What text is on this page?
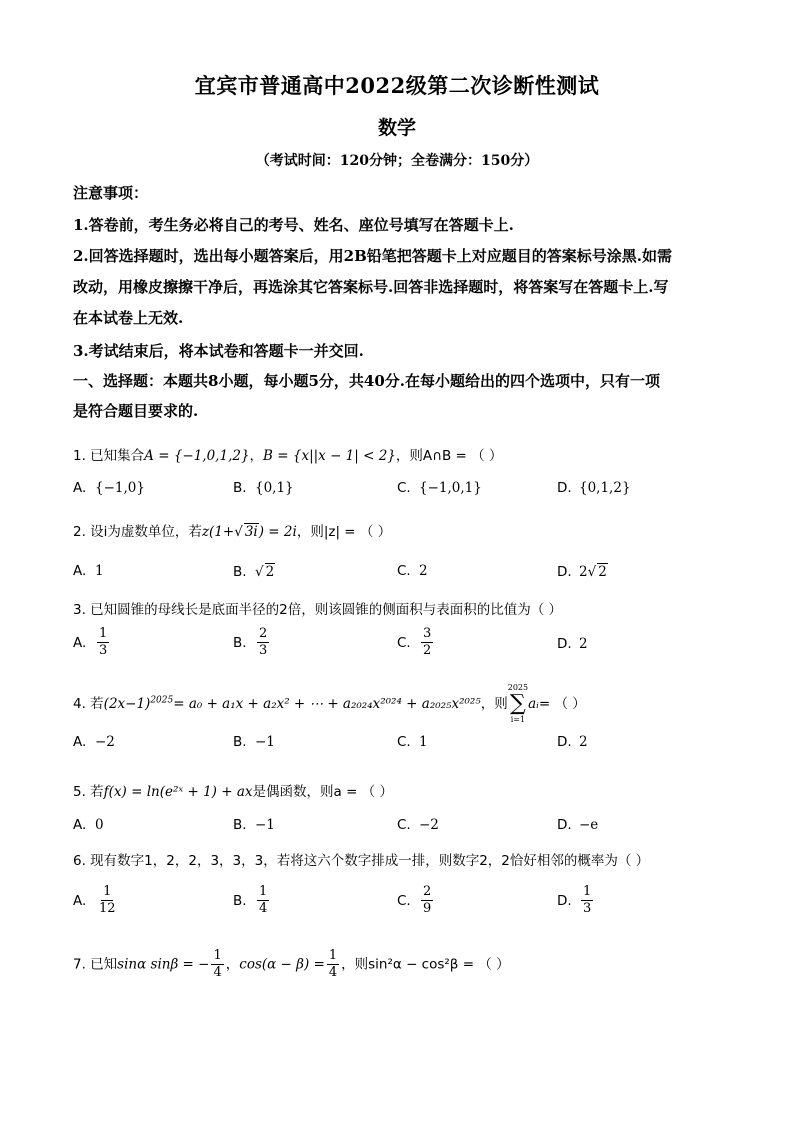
宜宾市普通高中2022级第二次诊断性测试
数学
（考试时间：120分钟；全卷满分：150分）
注意事项：
1.答卷前，考生务必将自己的考号、姓名、座位号填写在答题卡上.
2.回答选择题时，选出每小题答案后，用2B铅笔把答题卡上对应题目的答案标号涂黑.如需
改动，用橡皮擦擦干净后，再选涂其它答案标号.回答非选择题时，将答案写在答题卡上.写
在本试卷上无效.
3.考试结束后，将本试卷和答题卡一并交回.
一、选择题：本题共8小题，每小题5分，共40分.在每小题给出的四个选项中，只有一项
是符合题目要求的.
1. 已知集合A = {−1,0,1,2}，B = {x||x − 1| < 2}，则A∩B = （ ）
A. {−1,0}	B. {0,1}	C. {−1,0,1}	D. {0,1,2}
2. 设i为虚数单位，若z(1+√ 3i) = 2i，则|z| = （ ）
A. 1	B. √ 2	C. 2	D. 2√ 2
3. 已知圆锥的母线长是底面半径的2倍，则该圆锥的侧面积与表面积的比值为（ ）
A. $\frac{1}{3}$	B. $\frac{2}{3}$	C. $\frac{3}{2}$	D. 2
4. 若$(2x-1)^{2025}= a_0 + a_1x + a_2x^2$ + ⋯ + a₂₀₂₄x²⁰²⁴ + a₂₀₂₅x²⁰²⁵，则
2025
∑
i=1
aᵢ= （ ）
A. −2	B. −1	C. 1	D. 2
5. 若f(x) = ln(e²ˣ + 1) + ax是偶函数，则a = （ ）
A. 0	B. −1	C. −2	D. −e
6. 现有数字1，2，2，3，3，3，若将这六个数字排成一排，则数字2，2恰好相邻的概率为（ ）
A. $\frac{1}{12}$	B. $\frac{1}{4}$	C. $\frac{2}{9}$	D. $\frac{1}{3}$
7. 已知sinα sinβ = − $\frac{1}{4}$ ，$\cos(\alpha - \beta) = \frac{1}{4}$ ，则sin²α − cos²β = （ ）
